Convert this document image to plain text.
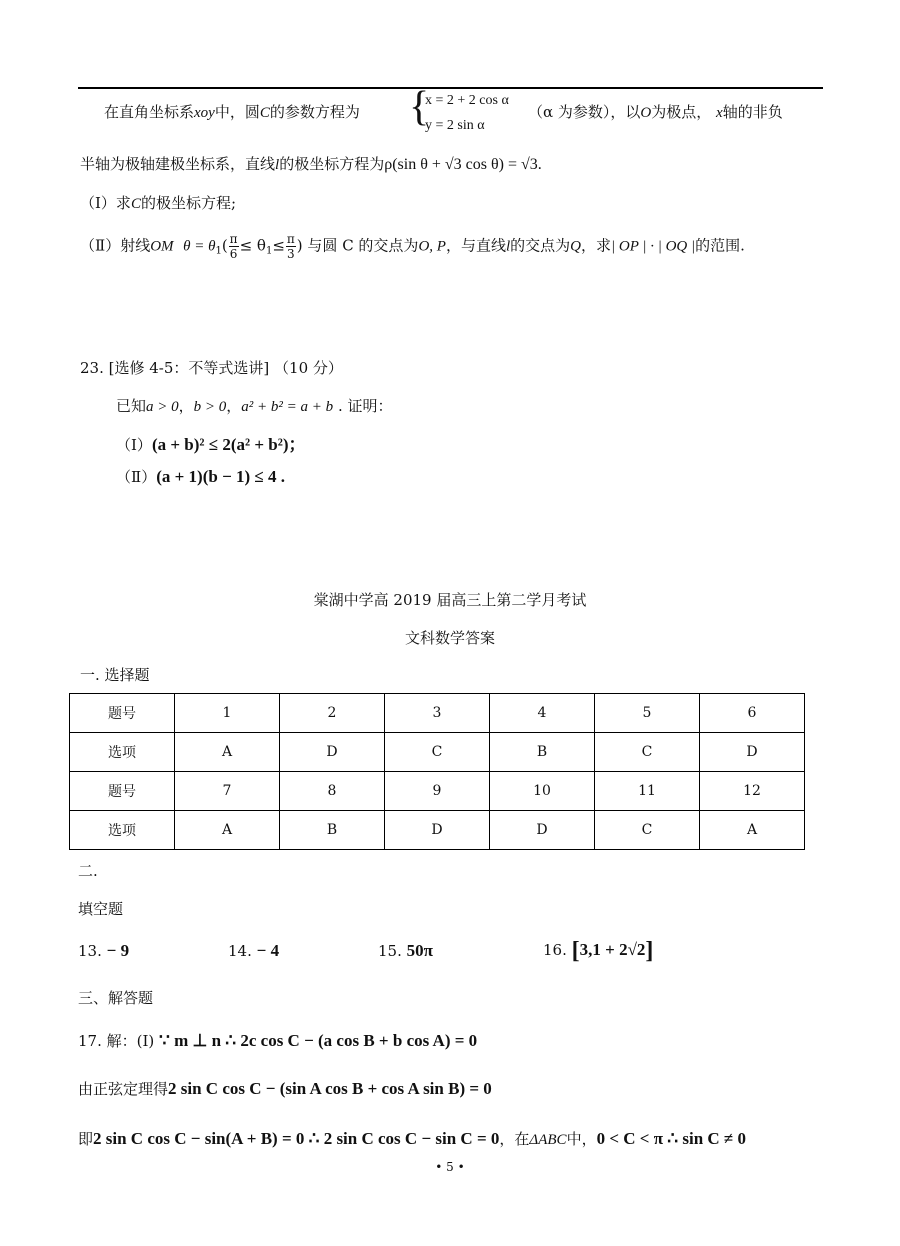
在直角坐标系xoy中，圆C的参数方程为 {
x = 2 + 2 cos α
y = 2 sin α
（α 为参数），以O为极点， x轴的非负
半轴为极轴建极坐标系，直线l的极坐标方程为ρ(sin θ + √3 cos θ) = √3.
（Ⅰ）求C的极坐标方程;
（Ⅱ）射线OM $\theta = \theta_1( \frac{\pi}{6} \le \theta_1\le \frac{\pi}{3}$ ) 与圆 C 的交点为O, P，与直线l的交点为Q，求| OP | · | OQ |的范围.
23. [选修 4-5：不等式选讲] （10 分）
已知a > 0，b > 0，a² + b² = a + b . 证明：
（Ⅰ）(a + b)² ≤ 2(a² + b²)；
（Ⅱ）(a + 1)(b − 1) ≤ 4 .
棠湖中学高 2019 届高三上第二学月考试
文科数学答案
一. 选择题
题号	1	2	3	4	5	6
选项	A	D	C	B	C	D
题号	7	8	9	10	11	12
选项	A	B	D	D	C	A
二.
填空题
13. − 9	14. − 4	15. 50π	16. [3,1 + 2√2]
三、解答题
17. 解：(Ⅰ) ∵ m ⊥ n ∴ 2c cos C − (a cos B + b cos A) = 0
由正弦定理得2 sin C cos C − (sin A cos B + cos A sin B) = 0
即2 sin C cos C − sin(A + B) = 0 ∴ 2 sin C cos C − sin C = 0，在ΔABC中，0 < C < π ∴ sin C ≠ 0
• 5 •
